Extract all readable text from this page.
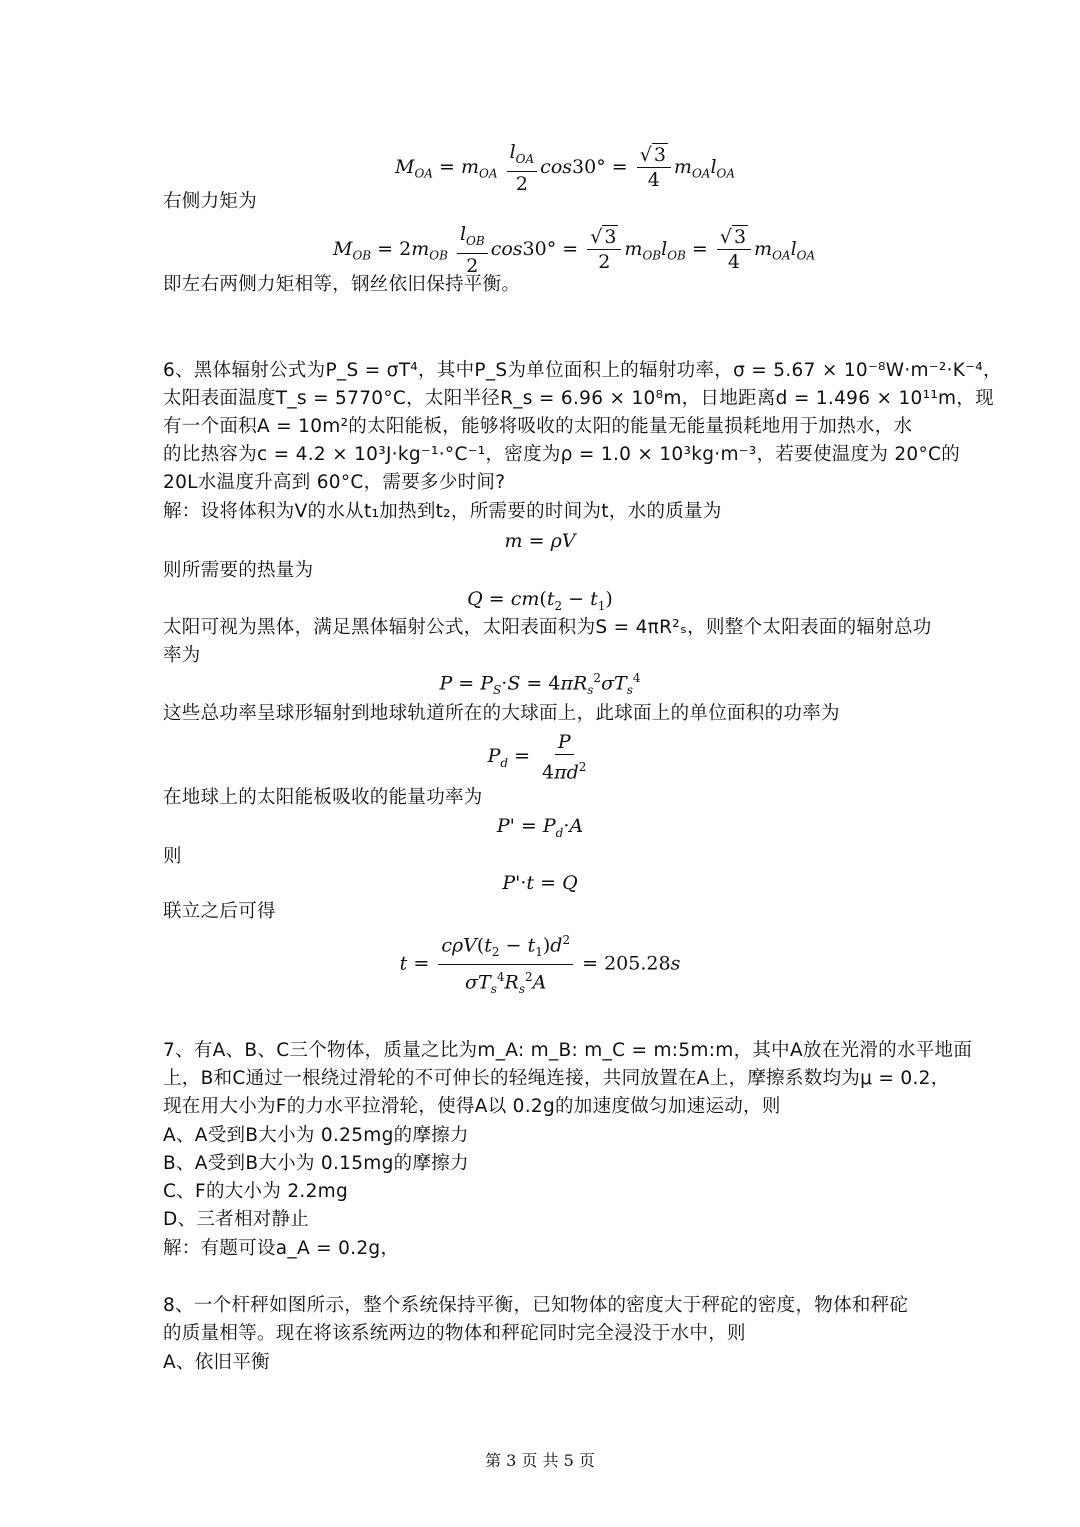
$M_{OA} = m_{OA} \frac{l_{OA}}{2} \cos 30^\circ = \frac{√ 3}{4} m_{OA}l_{OA}$
右侧力矩为
$M_{OB} = 2m_{OB} \frac{l_{OB}}{2} \cos 30^\circ = \frac{√ 3}{2} m_{OB}l_{OB} = \frac{√ 3}{4} m_{OA}l_{OA}$
即左右两侧力矩相等，钢丝依旧保持平衡。
6、黑体辐射公式为P_S = σT⁴，其中P_S为单位面积上的辐射功率，σ = 5.67 × 10⁻⁸W·m⁻²·K⁻⁴，
太阳表面温度T_s = 5770°C，太阳半径R_s = 6.96 × 10⁸m，日地距离d = 1.496 × 10¹¹m，现
有一个面积A = 10m²的太阳能板，能够将吸收的太阳的能量无能量损耗地用于加热水，水
的比热容为c = 4.2 × 10³J·kg⁻¹·°C⁻¹，密度为ρ = 1.0 × 10³kg·m⁻³，若要使温度为 20°C的
20L水温度升高到 60°C，需要多少时间?
解：设将体积为V的水从t₁加热到t₂，所需要的时间为t，水的质量为
m = ρV
则所需要的热量为
$Q = cm(t_2 - t_1)$
太阳可视为黑体，满足黑体辐射公式，太阳表面积为S = 4πR²ₛ，则整个太阳表面的辐射总功
率为
$P = P_S\cdot S = 4\pi R_s^2\sigma T_s^4$
这些总功率呈球形辐射到地球轨道所在的大球面上，此球面上的单位面积的功率为
$P_d = \frac{P}{4\pi d^2}$
在地球上的太阳能板吸收的能量功率为
$P' = P_d\cdot A$
则
P'·t = Q
联立之后可得
$t = \frac{c\rho V(t_2 - t_1)d^2}{\sigma T_s^4R_s^2A} = 205.28s$
7、有A、B、C三个物体，质量之比为m_A: m_B: m_C = m:5m:m，其中A放在光滑的水平地面
上，B和C通过一根绕过滑轮的不可伸长的轻绳连接，共同放置在A上，摩擦系数均为μ = 0.2，
现在用大小为F的力水平拉滑轮，使得A以 0.2g的加速度做匀加速运动，则
A、A受到B大小为 0.25mg的摩擦力
B、A受到B大小为 0.15mg的摩擦力
C、F的大小为 2.2mg
D、三者相对静止
解：有题可设a_A = 0.2g，
8、一个杆秤如图所示，整个系统保持平衡，已知物体的密度大于秤砣的密度，物体和秤砣
的质量相等。现在将该系统两边的物体和秤砣同时完全浸没于水中，则
A、依旧平衡
第 3 页 共 5 页
